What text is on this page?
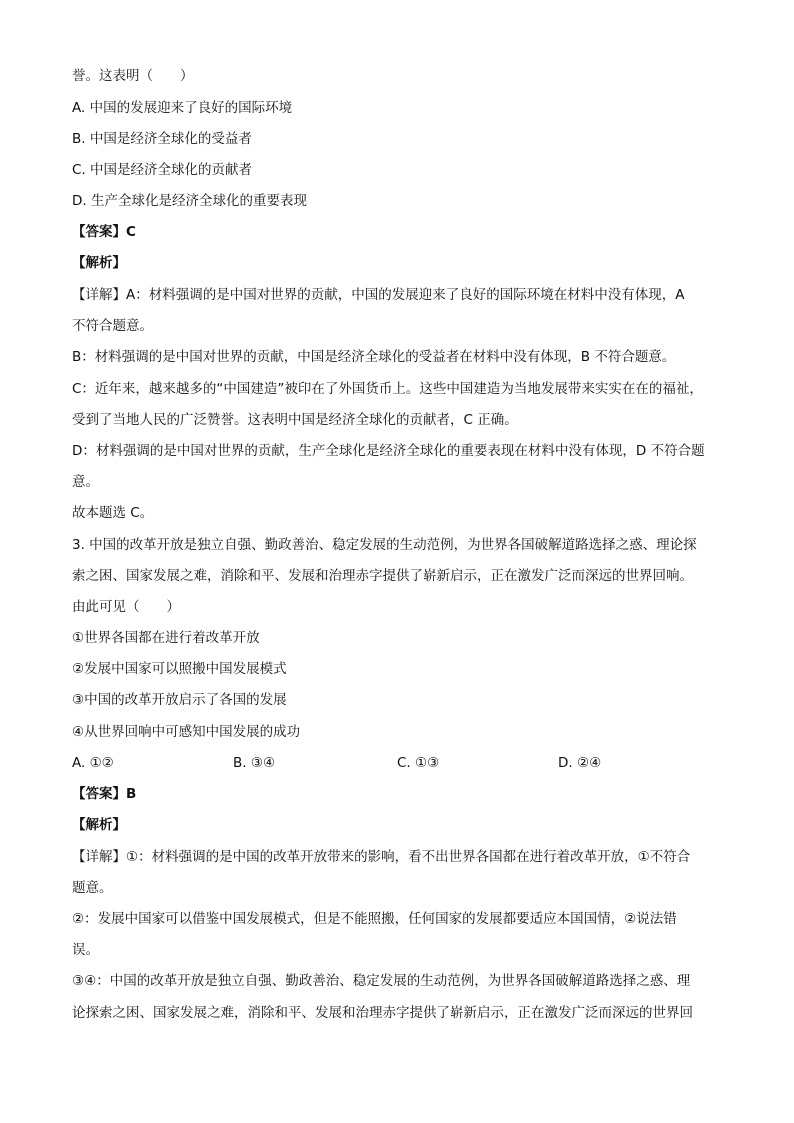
誉。这表明（　　）
A. 中国的发展迎来了良好的国际环境
B. 中国是经济全球化的受益者
C. 中国是经济全球化的贡献者
D. 生产全球化是经济全球化的重要表现
【答案】C
【解析】
【详解】A：材料强调的是中国对世界的贡献，中国的发展迎来了良好的国际环境在材料中没有体现，A
不符合题意。
B：材料强调的是中国对世界的贡献，中国是经济全球化的受益者在材料中没有体现，B 不符合题意。
C：近年来，越来越多的“中国建造”被印在了外国货币上。这些中国建造为当地发展带来实实在在的福祉，
受到了当地人民的广泛赞誉。这表明中国是经济全球化的贡献者，C 正确。
D：材料强调的是中国对世界的贡献，生产全球化是经济全球化的重要表现在材料中没有体现，D 不符合题
意。
故本题选 C。
3. 中国的改革开放是独立自强、勤政善治、稳定发展的生动范例，为世界各国破解道路选择之惑、理论探
索之困、国家发展之难，消除和平、发展和治理赤字提供了崭新启示，正在激发广泛而深远的世界回响。
由此可见（　　）
①世界各国都在进行着改革开放
②发展中国家可以照搬中国发展模式
③中国的改革开放启示了各国的发展
④从世界回响中可感知中国发展的成功
A. ①②	B. ③④	C. ①③	D. ②④
【答案】B
【解析】
【详解】①：材料强调的是中国的改革开放带来的影响，看不出世界各国都在进行着改革开放，①不符合
题意。
②：发展中国家可以借鉴中国发展模式，但是不能照搬，任何国家的发展都要适应本国国情，②说法错
误。
③④：中国的改革开放是独立自强、勤政善治、稳定发展的生动范例，为世界各国破解道路选择之惑、理
论探索之困、国家发展之难，消除和平、发展和治理赤字提供了崭新启示，正在激发广泛而深远的世界回
